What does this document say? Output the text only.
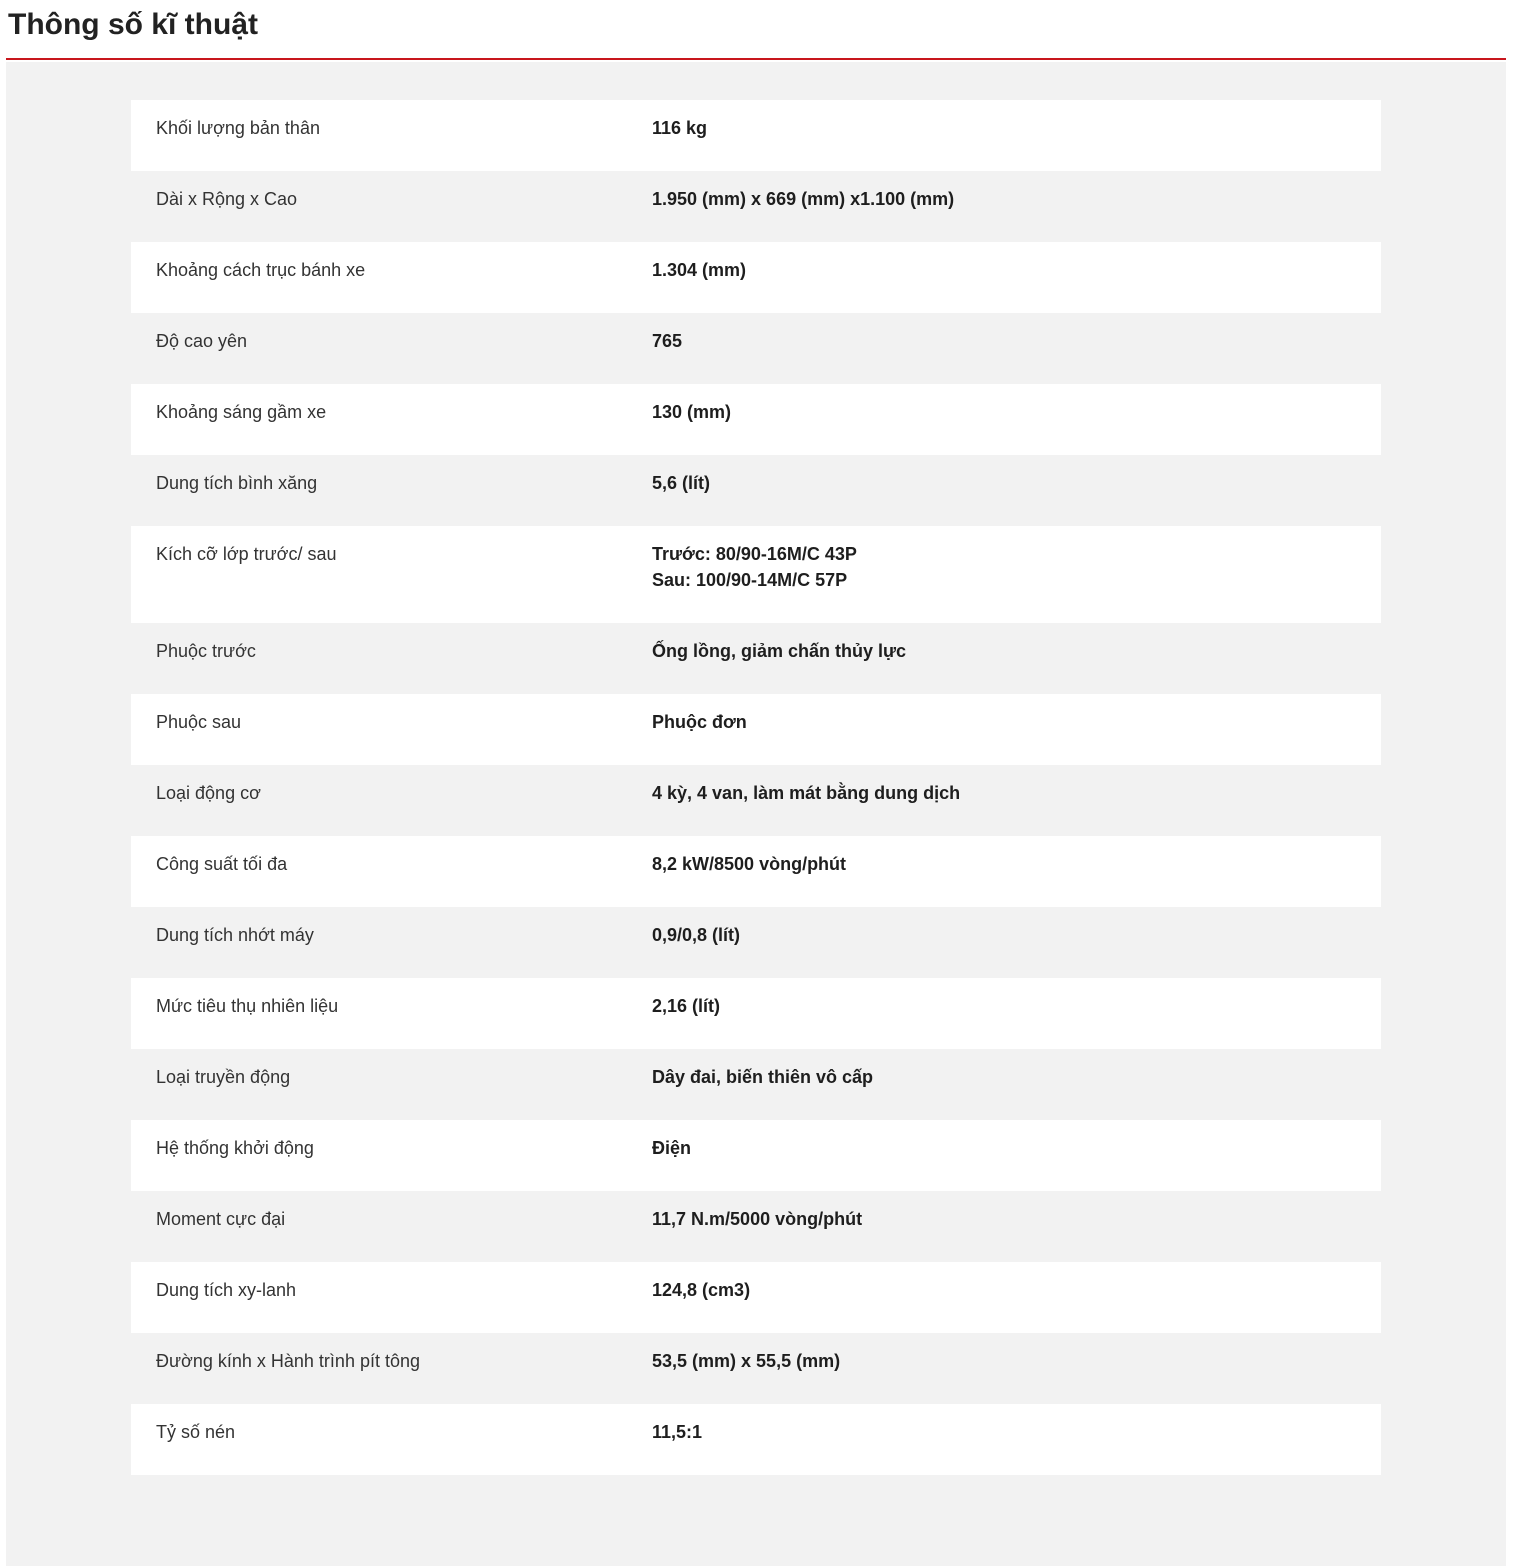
Thông số kĩ thuật
Khối lượng bản thân	116 kg
Dài x Rộng x Cao	1.950 (mm) x 669 (mm) x1.100 (mm)
Khoảng cách trục bánh xe	1.304 (mm)
Độ cao yên	765
Khoảng sáng gầm xe	130 (mm)
Dung tích bình xăng	5,6 (lít)
Kích cỡ lớp trước/ sau	Trước: 80/90-16M/C 43P
Sau: 100/90-14M/C 57P
Phuộc trước	Ống lồng, giảm chấn thủy lực
Phuộc sau	Phuộc đơn
Loại động cơ	4 kỳ, 4 van, làm mát bằng dung dịch
Công suất tối đa	8,2 kW/8500 vòng/phút
Dung tích nhớt máy	0,9/0,8 (lít)
Mức tiêu thụ nhiên liệu	2,16 (lít)
Loại truyền động	Dây đai, biến thiên vô cấp
Hệ thống khởi động	Điện
Moment cực đại	11,7 N.m/5000 vòng/phút
Dung tích xy-lanh	124,8 (cm3)
Đường kính x Hành trình pít tông	53,5 (mm) x 55,5 (mm)
Tỷ số nén	11,5:1
